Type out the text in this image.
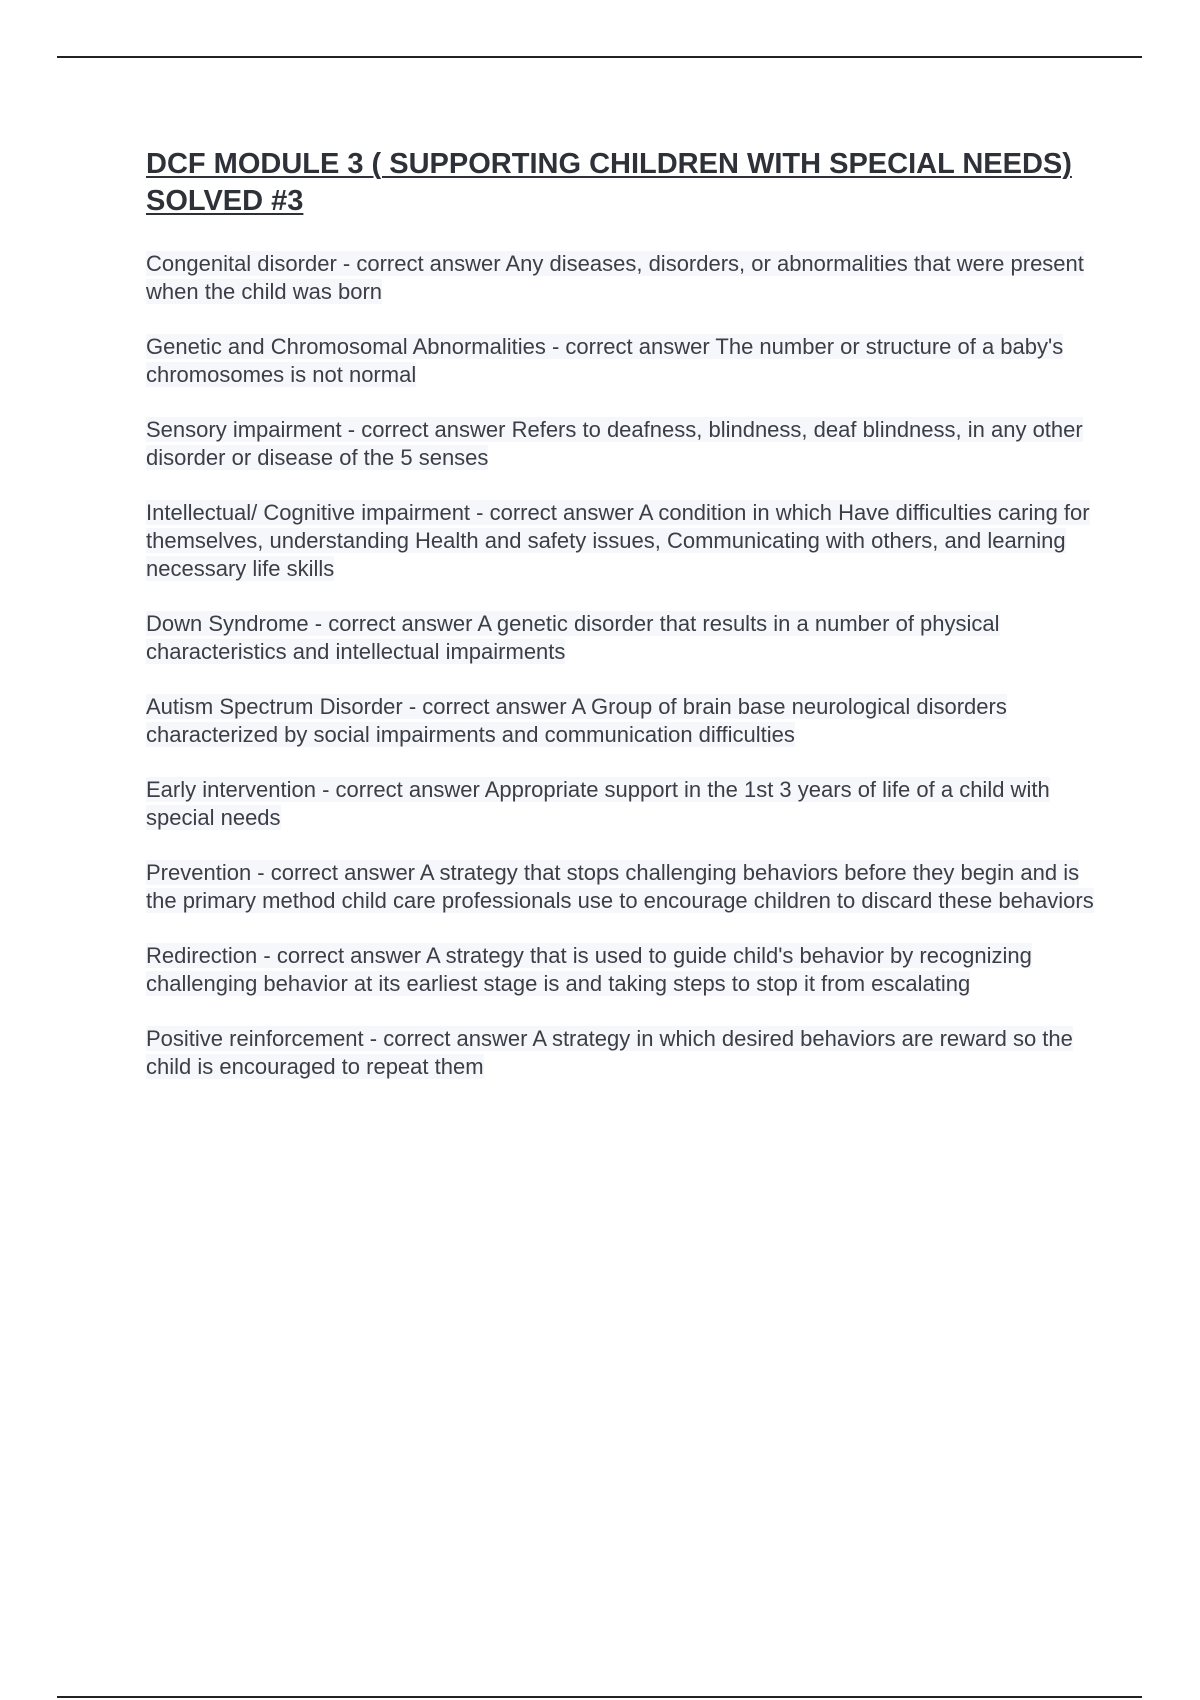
DCF MODULE 3 ( SUPPORTING CHILDREN WITH SPECIAL NEEDS) SOLVED #3

Congenital disorder - correct answer Any diseases, disorders, or abnormalities that were present when the child was born

Genetic and Chromosomal Abnormalities - correct answer The number or structure of a baby's chromosomes is not normal

Sensory impairment - correct answer Refers to deafness, blindness, deaf blindness, in any other disorder or disease of the 5 senses

Intellectual/ Cognitive impairment - correct answer A condition in which Have difficulties caring for themselves, understanding Health and safety issues, Communicating with others, and learning necessary life skills

Down Syndrome - correct answer A genetic disorder that results in a number of physical characteristics and intellectual impairments

Autism Spectrum Disorder - correct answer A Group of brain base neurological disorders characterized by social impairments and communication difficulties

Early intervention - correct answer Appropriate support in the 1st 3 years of life of a child with special needs

Prevention - correct answer A strategy that stops challenging behaviors before they begin and is the primary method child care professionals use to encourage children to discard these behaviors

Redirection - correct answer A strategy that is used to guide child's behavior by recognizing challenging behavior at its earliest stage is and taking steps to stop it from escalating

Positive reinforcement - correct answer A strategy in which desired behaviors are reward so the child is encouraged to repeat them
